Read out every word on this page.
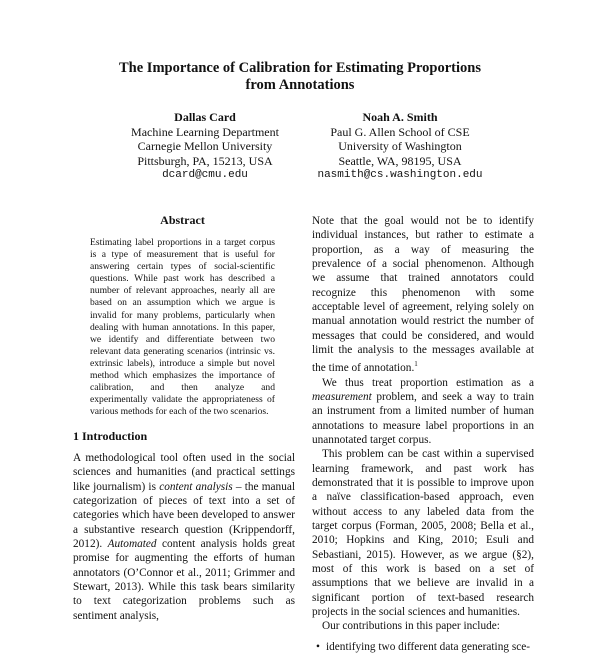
The Importance of Calibration for Estimating Proportions
from Annotations
Dallas Card
Machine Learning Department
Carnegie Mellon University
Pittsburgh, PA, 15213, USA
dcard@cmu.edu
Noah A. Smith
Paul G. Allen School of CSE
University of Washington
Seattle, WA, 98195, USA
nasmith@cs.washington.edu
Abstract
Estimating label proportions in a target corpus is a type of measurement that is useful for answering certain types of social-scientific questions. While past work has described a number of relevant approaches, nearly all are based on an assumption which we argue is invalid for many problems, particularly when dealing with human annotations. In this paper, we identify and differentiate between two relevant data generating scenarios (intrinsic vs. extrinsic labels), introduce a simple but novel method which emphasizes the importance of calibration, and then analyze and experimentally validate the appropriateness of various methods for each of the two scenarios.
1 Introduction

A methodological tool often used in the social sciences and humanities (and practical settings like journalism) is content analysis – the manual categorization of pieces of text into a set of categories which have been developed to answer a substantive research question (Krippendorff, 2012). Automated content analysis holds great promise for augmenting the efforts of human annotators (O’Connor et al., 2011; Grimmer and Stewart, 2013). While this task bears similarity to text categorization problems such as sentiment analysis,

Note that the goal would not be to identify individual instances, but rather to estimate a proportion, as a way of measuring the prevalence of a social phenomenon. Although we assume that trained annotators could recognize this phenomenon with some acceptable level of agreement, relying solely on manual annotation would restrict the number of messages that could be considered, and would limit the analysis to the messages available at the time of annotation.$^1$

We thus treat proportion estimation as a measurement problem, and seek a way to train an instrument from a limited number of human annotations to measure label proportions in an unannotated target corpus.

This problem can be cast within a supervised learning framework, and past work has demonstrated that it is possible to improve upon a naïve classification-based approach, even without access to any labeled data from the target corpus (Forman, 2005, 2008; Bella et al., 2010; Hopkins and King, 2010; Esuli and Sebastiani, 2015). However, as we argue (§2), most of this work is based on a set of assumptions that we believe are invalid in a significant portion of text-based research projects in the social sciences and humanities.

Our contributions in this paper include:

• identifying two different data generating sce-
